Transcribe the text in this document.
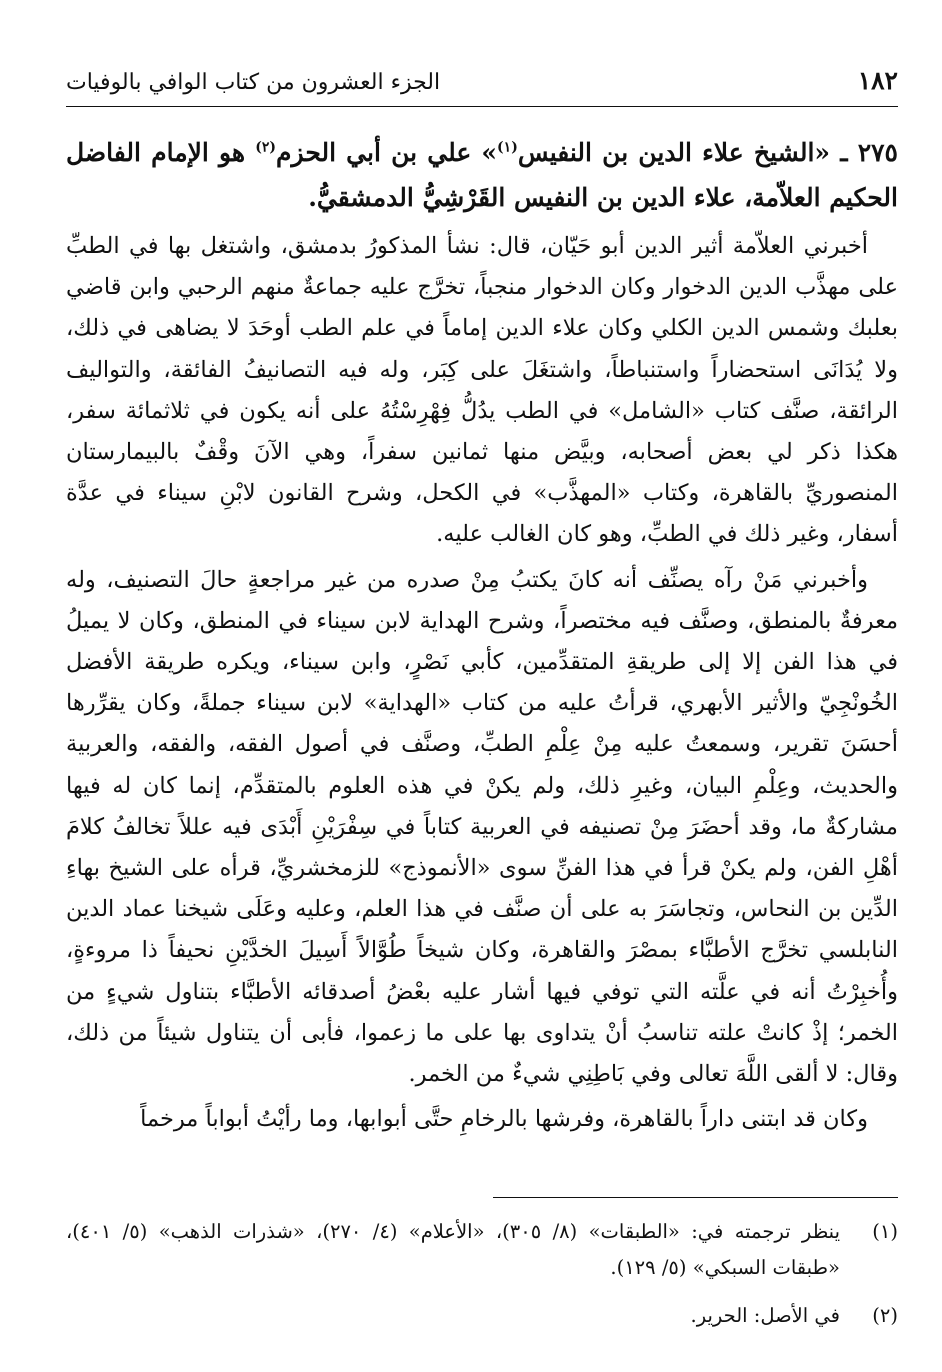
١٨٢
الجزء العشرون من كتاب الوافي بالوفيات

٢٧٥ ـ «الشيخ علاء الدين بن النفيس$^{(١)}$» علي بن أبي الحزم$^{(٢)}$ هو الإمام الفاضل الحكيم العلاّمة، علاء الدين بن النفيس القَرْشِيُّ الدمشقيُّ.

أخبرني العلاّمة أثير الدين أبو حَيّان، قال: نشأ المذكورُ بدمشق، واشتغل بها في الطبِّ على مهذَّب الدين الدخوار وكان الدخوار منجباً، تخرَّج عليه جماعةٌ منهم الرحبي وابن قاضي بعلبك وشمس الدين الكلي وكان علاء الدين إماماً في علم الطب أوحَدَ لا يضاهى في ذلك، ولا يُدَانَى استحضاراً واستنباطاً، واشتغَلَ على كِبَر، وله فيه التصانيفُ الفائقة، والتواليف الرائقة، صنَّف كتاب «الشامل» في الطب يدُلُّ فِهْرِسْتُهُ على أنه يكون في ثلاثمائة سفر، هكذا ذكر لي بعض أصحابه، وبيَّض منها ثمانين سفراً، وهي الآنَ وقْفٌ بالبيمارستان المنصوريِّ بالقاهرة، وكتاب «المهذَّب» في الكحل، وشرح القانون لابْنِ سيناء في عدَّة أسفار، وغير ذلك في الطبِّ، وهو كان الغالب عليه.

وأخبرني مَنْ رآه يصنِّف أنه كانَ يكتبُ مِنْ صدره من غير مراجعةٍ حالَ التصنيف، وله معرفةٌ بالمنطق، وصنَّف فيه مختصراً، وشرح الهداية لابن سيناء في المنطق، وكان لا يميلُ في هذا الفن إلا إلى طريقةِ المتقدِّمين، كأبي نَصْرٍ، وابن سيناء، ويكره طريقة الأفضل الخُونْجِيّ والأثير الأبهري، قرأتُ عليه من كتاب «الهداية» لابن سيناء جملةً، وكان يقرِّرها أحسَنَ تقرير، وسمعتُ عليه مِنْ عِلْمِ الطبِّ، وصنَّف في أصول الفقه، والفقه، والعربية والحديث، وعِلْمِ البيان، وغيرِ ذلك، ولم يكنْ في هذه العلوم بالمتقدِّم، إنما كان له فيها مشاركةٌ ما، وقد أحضَرَ مِنْ تصنيفه في العربية كتاباً في سِفْرَيْنِ أَبْدَى فيه عللاً تخالفُ كلامَ أهْلِ الفن، ولم يكنْ قرأ في هذا الفنِّ سوى «الأنموذج» للزمخشريِّ، قرأه على الشيخ بهاءِ الدِّين بن النحاس، وتجاسَرَ به على أن صنَّف في هذا العلم، وعليه وعَلَى شيخنا عماد الدين النابلسي تخرَّج الأطبَّاء بمصْرَ والقاهرة، وكان شيخاً طُوَّالاً أَسِيلَ الخدَّيْنِ نحيفاً ذا مروءةٍ، وأُخبِرْتُ أنه في علَّته التي توفي فيها أشار عليه بعْضُ أصدقائه الأطبَّاء بتناول شيءٍ من الخمر؛ إذْ كانتْ علته تناسبُ أنْ يتداوى بها على ما زعموا، فأبى أن يتناول شيئاً من ذلك، وقال: لا ألقى اللَّهَ تعالى وفي بَاطِنِي شيءٌ من الخمر.

وكان قد ابتنى داراً بالقاهرة، وفرشها بالرخامِ حتَّى أبوابها، وما رأيْتُ أبواباً مرخماً

(١)
ينظر ترجمته في: «الطبقات» (٨/ ٣٠٥)، «الأعلام» (٤/ ٢٧٠)، «شذرات الذهب» (٥/ ٤٠١)، «طبقات السبكي» (٥/ ١٢٩).
(٢)
في الأصل: الحرير.
